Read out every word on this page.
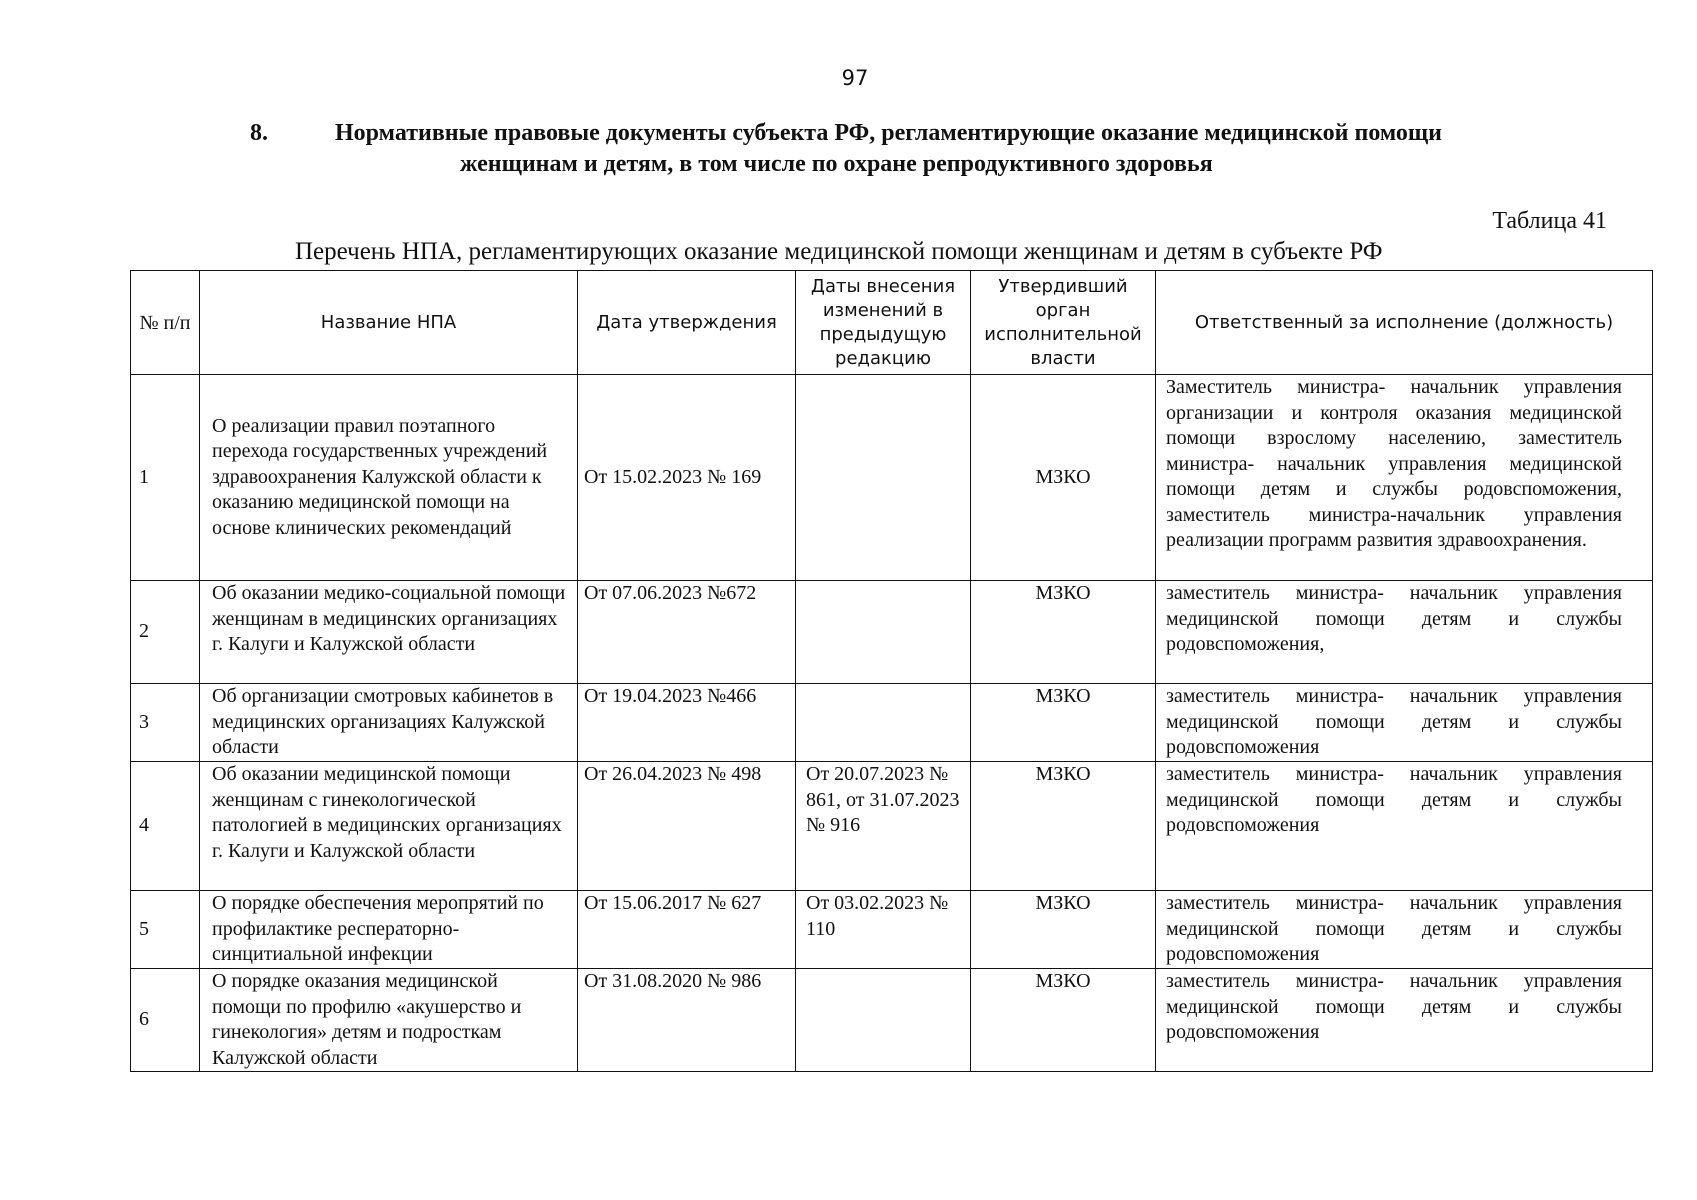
97
8.	Нормативные правовые документы субъекта РФ, регламентирующие оказание медицинской помощи
женщинам и детям, в том числе по охране репродуктивного здоровья
Таблица 41
Перечень НПА, регламентирующих оказание медицинской помощи женщинам и детям в субъекте РФ
№ п/п	Название НПА	Дата утверждения	Даты внесения изменений в предыдущую редакцию	Утвердивший орган исполнительной власти	Ответственный за исполнение (должность)
1	О реализации правил поэтапного перехода государственных учреждений здравоохранения Калужской области к оказанию медицинской помощи на основе клинических рекомендаций	От 15.02.2023 № 169		МЗКО	Заместитель министра- начальник управления организации и контроля оказания медицинской помощи взрослому населению, заместитель министра- начальник управления медицинской помощи детям и службы родовспоможения, заместитель министра-начальник управления реализации программ развития здравоохранения.
2	Об оказании медико-социальной помощи женщинам в медицинских организациях г. Калуги и Калужской области	От 07.06.2023 №672		МЗКО	заместитель министра- начальник управления медицинской помощи детям и службы родовспоможения,
3	Об организации смотровых кабинетов в медицинских организациях Калужской области	От 19.04.2023 №466		МЗКО	заместитель министра- начальник управления медицинской помощи детям и службы родовспоможения
4	Об оказании медицинской помощи женщинам с гинекологической патологией в медицинских организациях г. Калуги и Калужской области	От 26.04.2023 № 498	От 20.07.2023 № 861, от 31.07.2023 № 916	МЗКО	заместитель министра- начальник управления медицинской помощи детям и службы родовспоможения
5	О порядке обеспечения меропрятий по профилактике респераторно-синцитиальной инфекции	От 15.06.2017 № 627	От 03.02.2023 № 110	МЗКО	заместитель министра- начальник управления медицинской помощи детям и службы родовспоможения
6	О порядке оказания медицинской помощи по профилю «акушерство и гинекология» детям и подросткам Калужской области	От 31.08.2020 № 986		МЗКО	заместитель министра- начальник управления медицинской помощи детям и службы родовспоможения
